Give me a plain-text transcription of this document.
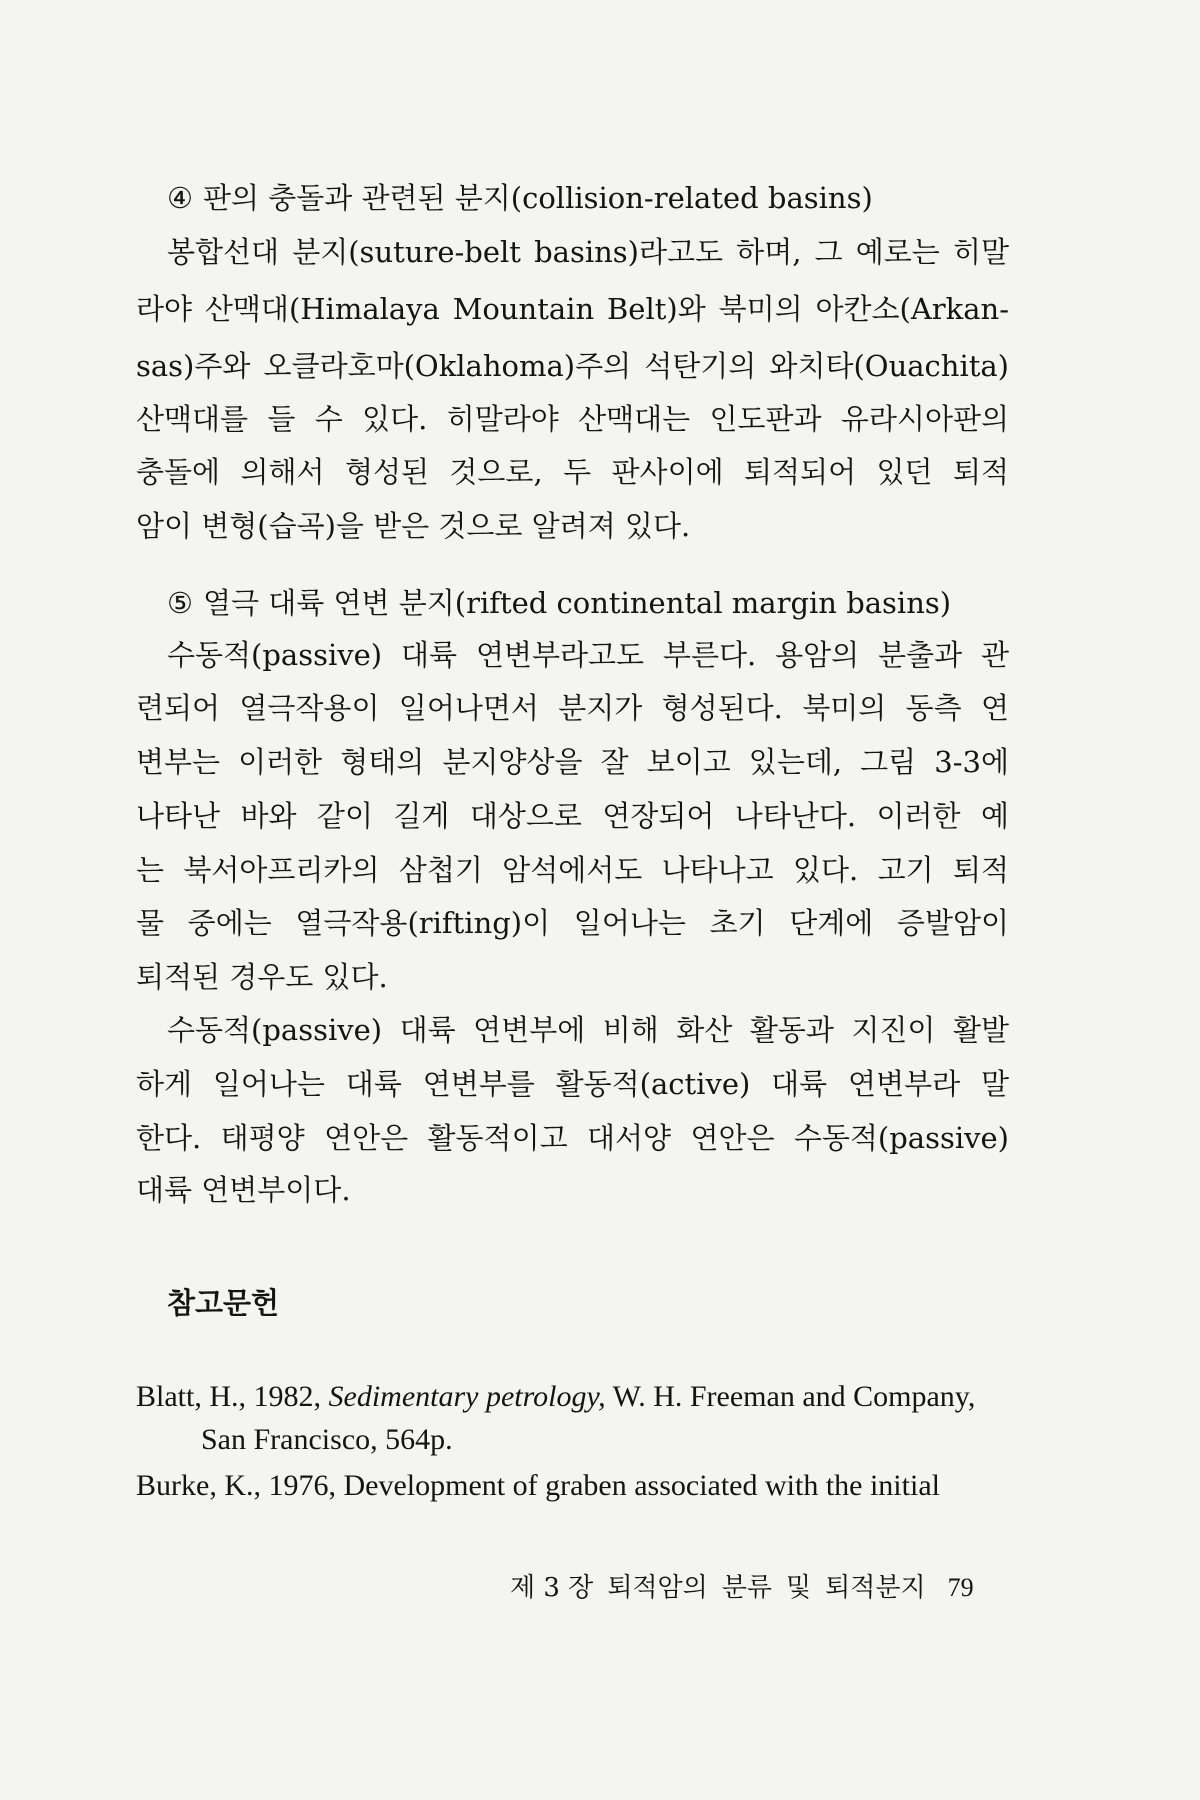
④ 판의 충돌과 관련된 분지(collision-related basins)
봉합선대 분지(suture-belt basins)라고도 하며, 그 예로는 히말
라야 산맥대(Himalaya Mountain Belt)와 북미의 아칸소(Arkan-
sas)주와 오클라호마(Oklahoma)주의 석탄기의 와치타(Ouachita)
산맥대를 들 수 있다. 히말라야 산맥대는 인도판과 유라시아판의
충돌에 의해서 형성된 것으로, 두 판사이에 퇴적되어 있던 퇴적
암이 변형(습곡)을 받은 것으로 알려져 있다.
⑤ 열극 대륙 연변 분지(rifted continental margin basins)
수동적(passive) 대륙 연변부라고도 부른다. 용암의 분출과 관
련되어 열극작용이 일어나면서 분지가 형성된다. 북미의 동측 연
변부는 이러한 형태의 분지양상을 잘 보이고 있는데, 그림 3-3에
나타난 바와 같이 길게 대상으로 연장되어 나타난다. 이러한 예
는 북서아프리카의 삼첩기 암석에서도 나타나고 있다. 고기 퇴적
물 중에는 열극작용(rifting)이 일어나는 초기 단계에 증발암이
퇴적된 경우도 있다.
수동적(passive) 대륙 연변부에 비해 화산 활동과 지진이 활발
하게 일어나는 대륙 연변부를 활동적(active) 대륙 연변부라 말
한다. 태평양 연안은 활동적이고 대서양 연안은 수동적(passive)
대륙 연변부이다.
참고문헌
Blatt, H., 1982, Sedimentary petrology, W. H. Freeman and Company,
San Francisco, 564p.
Burke, K., 1976, Development of graben associated with the initial
제 3 장 퇴적암의 분류 및 퇴적분지 79
